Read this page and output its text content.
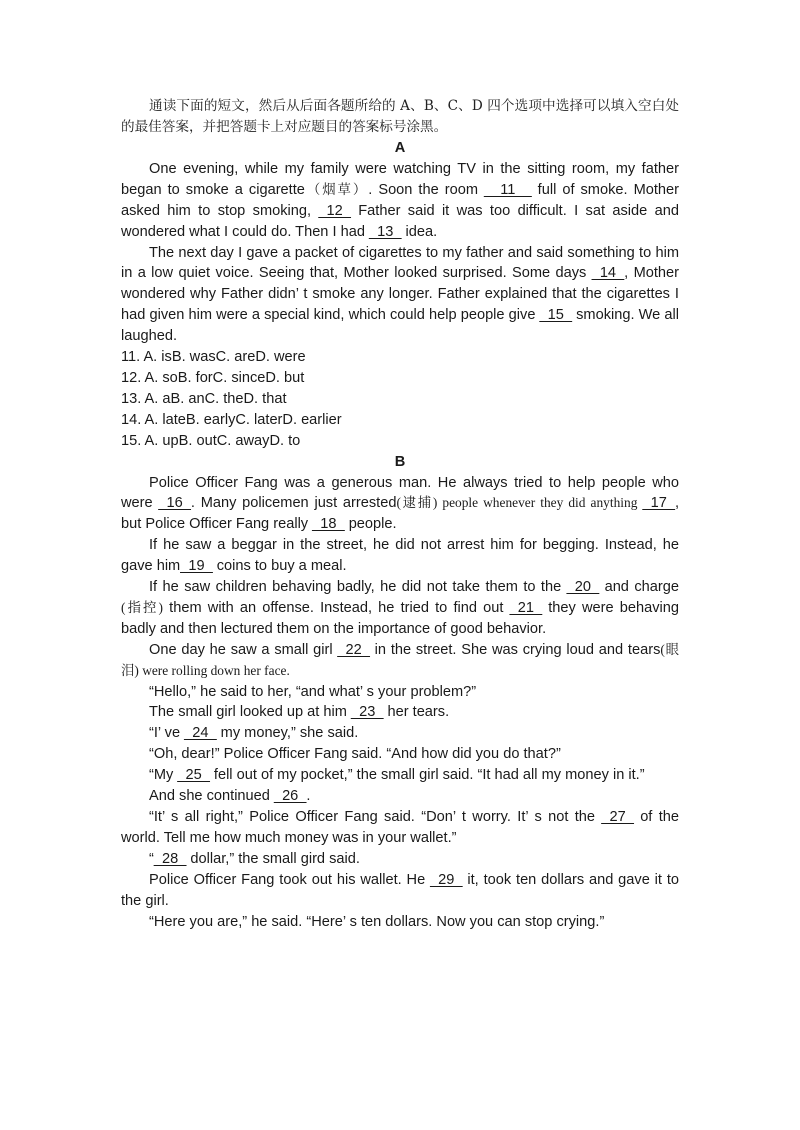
通读下面的短文，然后从后面各题所给的 A、B、C、D 四个选项中选择可以填入空白处的最佳答案，并把答题卡上对应题目的答案标号涂黑。

A

One evening, while my family were watching TV in the sitting room, my father began to smoke a cigarette（烟草）. Soon the room __11__ full of smoke. Mother asked him to stop smoking, _12_ Father said it was too difficult. I sat aside and wondered what I could do. Then I had _13_ idea.

The next day I gave a packet of cigarettes to my father and said something to him in a low quiet voice. Seeing that, Mother looked surprised. Some days _14_, Mother wondered why Father didn’ t smoke any longer. Father explained that the cigarettes I had given him were a special kind, which could help people give _15_ smoking. We all laughed.

11. A. isB. wasC. areD. were
12. A. soB. forC. sinceD. but
13. A. aB. anC. theD. that
14. A. lateB. earlyC. laterD. earlier
15. A. upB. outC. awayD. to

B

Police Officer Fang was a generous man. He always tried to help people who were _16_. Many policemen just arrested(逮捕) people whenever they did anything _17_, but Police Officer Fang really _18_ people.

If he saw a beggar in the street, he did not arrest him for begging. Instead, he gave him_19_ coins to buy a meal.

If he saw children behaving badly, he did not take them to the _20_ and charge (指控) them with an offense. Instead, he tried to find out _21_ they were behaving badly and then lectured them on the importance of good behavior.

One day he saw a small girl _22_ in the street. She was crying loud and tears(眼泪) were rolling down her face.

“Hello,” he said to her, “and what’ s your problem?”

The small girl looked up at him _23_ her tears.

“I’ ve _24_ my money,” she said.

“Oh, dear!” Police Officer Fang said. “And how did you do that?”

“My _25_ fell out of my pocket,” the small girl said. “It had all my money in it.”

And she continued _26_.

“It’ s all right,” Police Officer Fang said. “Don’ t worry. It’ s not the _27_ of the world. Tell me how much money was in your wallet.”

“_28_ dollar,” the small gird said.

Police Officer Fang took out his wallet. He _29_ it, took ten dollars and gave it to the girl.

“Here you are,” he said. “Here’ s ten dollars. Now you can stop crying.”
